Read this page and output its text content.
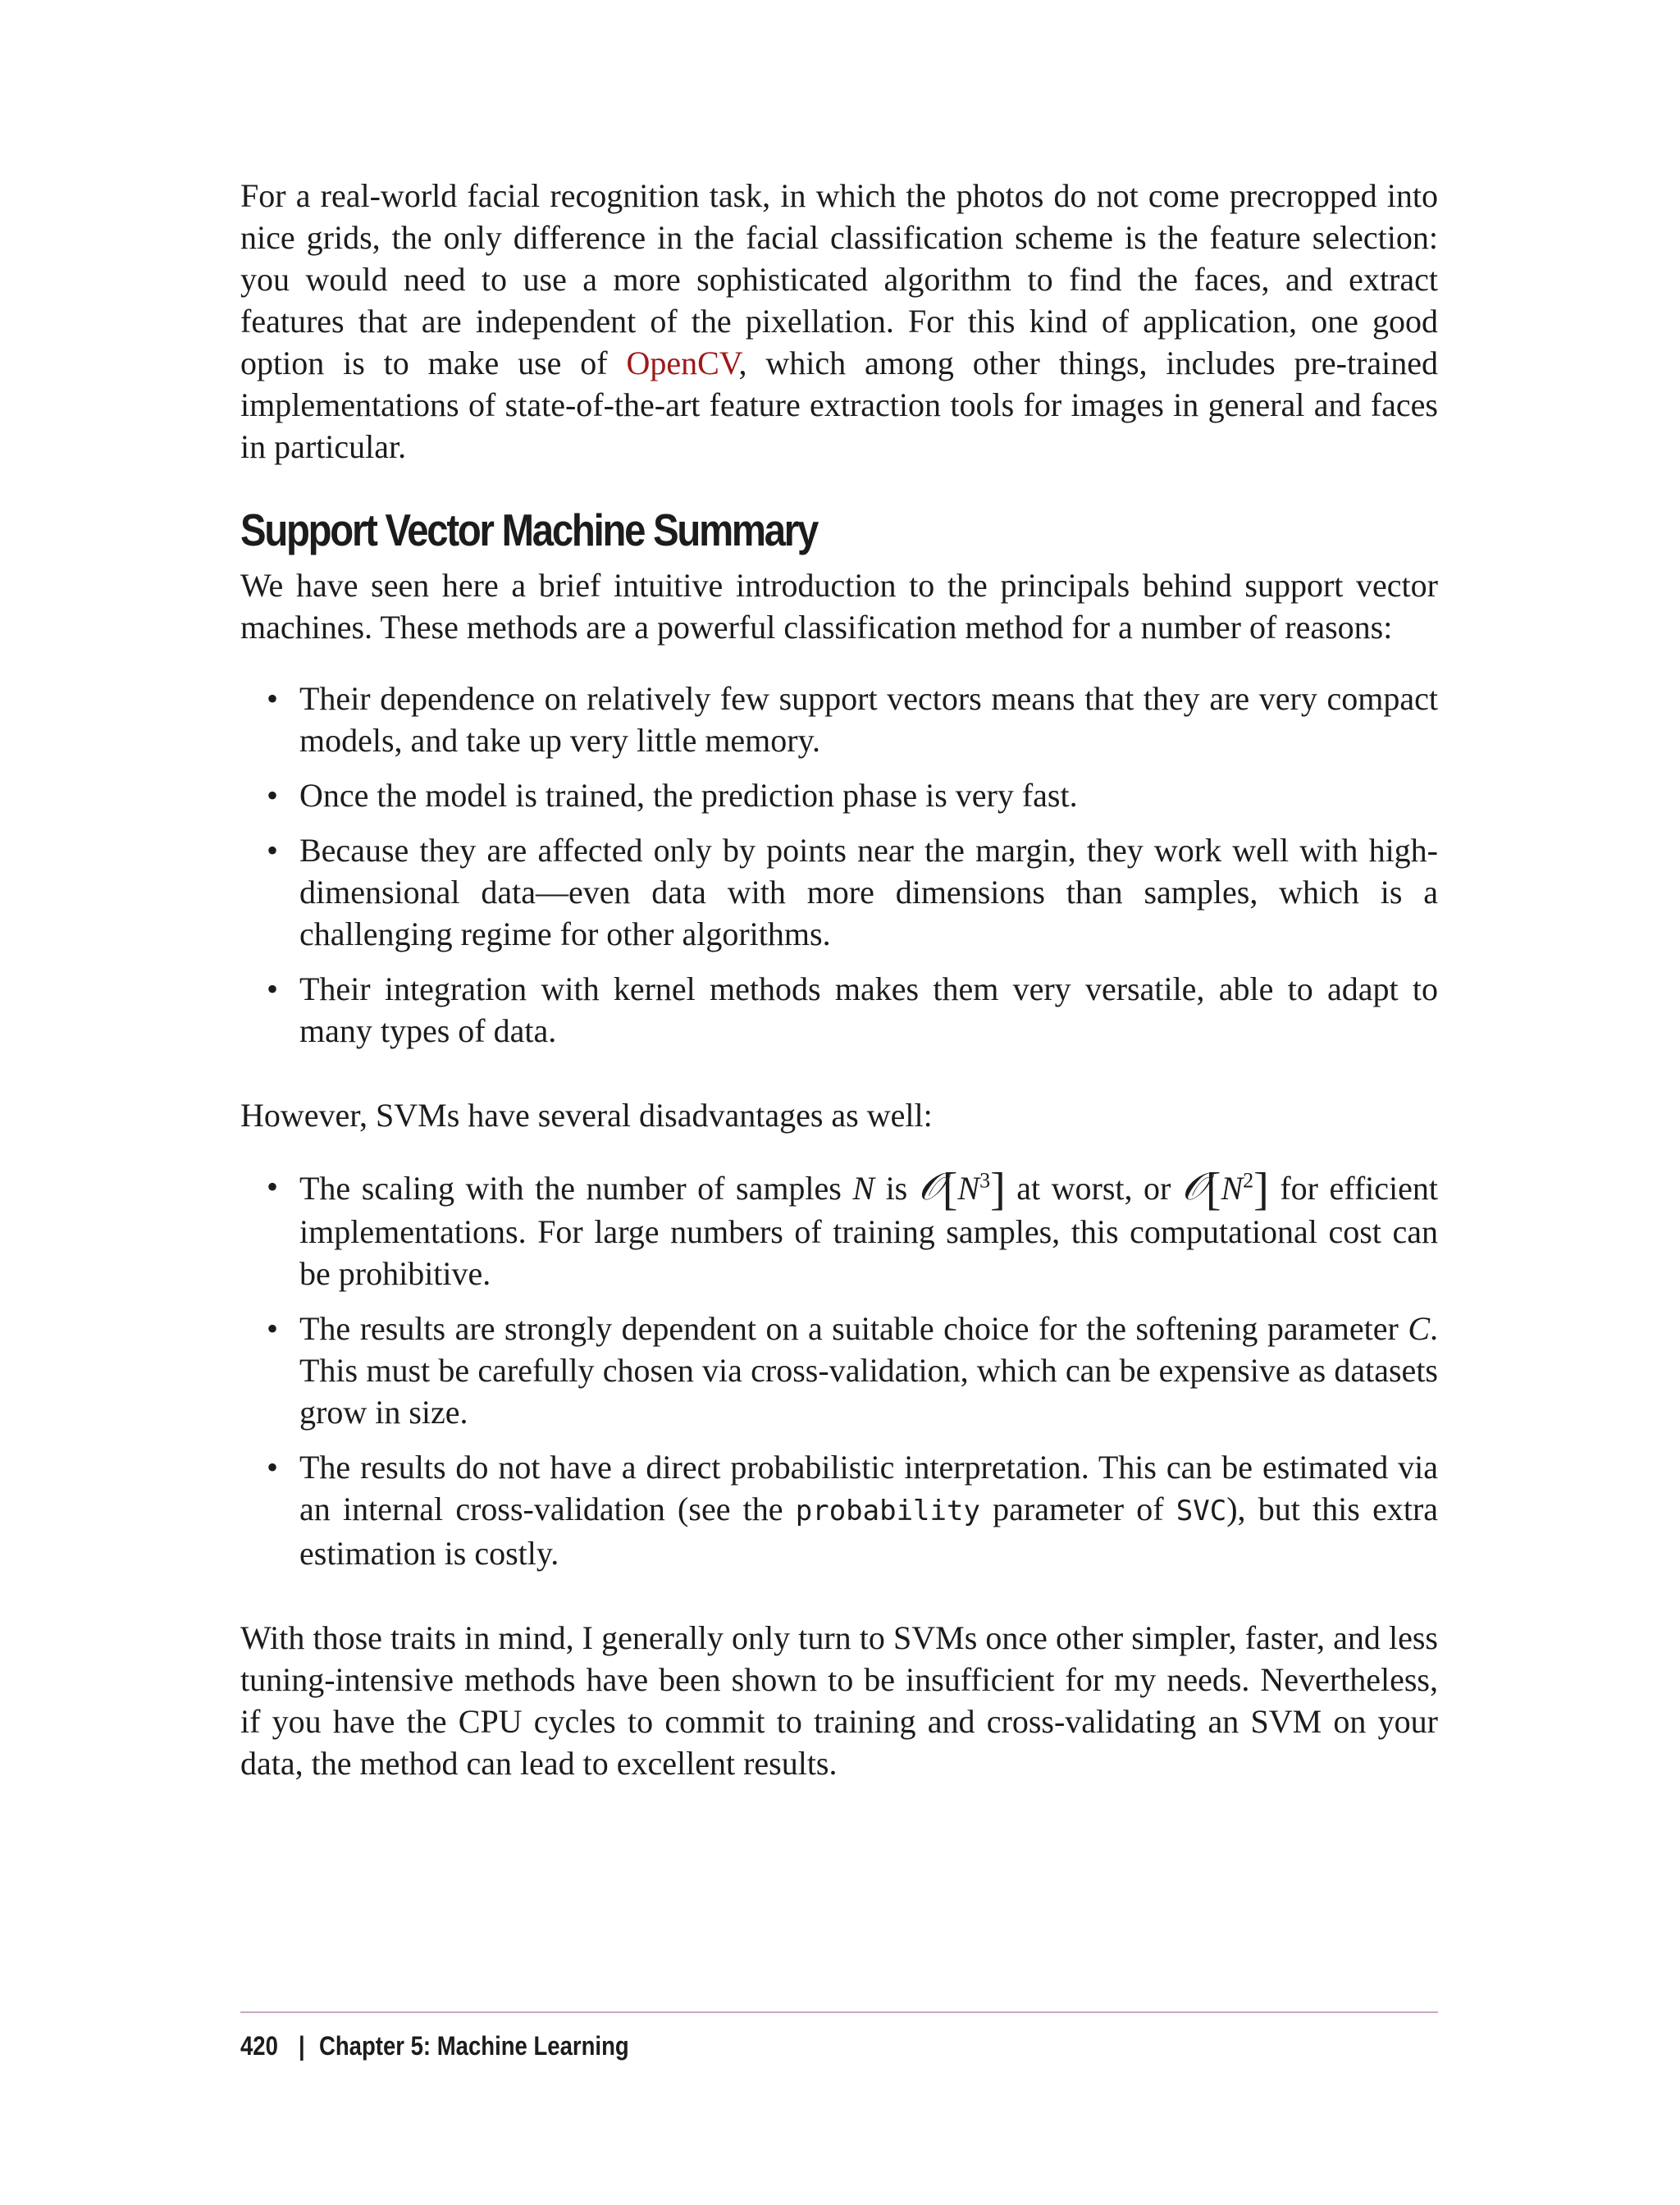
For a real-world facial recognition task, in which the photos do not come precropped into nice grids, the only difference in the facial classification scheme is the feature selection: you would need to use a more sophisticated algorithm to find the faces, and extract features that are independent of the pixellation. For this kind of application, one good option is to make use of OpenCV, which among other things, includes pre-trained implementations of state-of-the-art feature extraction tools for images in general and faces in particular.

Support Vector Machine Summary

We have seen here a brief intuitive introduction to the principals behind support vector machines. These methods are a powerful classification method for a number of reasons:

• Their dependence on relatively few support vectors means that they are very compact models, and take up very little memory.
• Once the model is trained, the prediction phase is very fast.
• Because they are affected only by points near the margin, they work well with high-dimensional data—even data with more dimensions than samples, which is a challenging regime for other algorithms.
• Their integration with kernel methods makes them very versatile, able to adapt to many types of data.

However, SVMs have several disadvantages as well:

• The scaling with the number of samples N is $𝒪[N^3]$ at worst, or $𝒪[N^2]$ for efficient implementations. For large numbers of training samples, this computational cost can be prohibitive.
• The results are strongly dependent on a suitable choice for the softening parameter C. This must be carefully chosen via cross-validation, which can be expensive as datasets grow in size.
• The results do not have a direct probabilistic interpretation. This can be estimated via an internal cross-validation (see the probability parameter of SVC), but this extra estimation is costly.

With those traits in mind, I generally only turn to SVMs once other simpler, faster, and less tuning-intensive methods have been shown to be insufficient for my needs. Nevertheless, if you have the CPU cycles to commit to training and cross-validating an SVM on your data, the method can lead to excellent results.

420 | Chapter 5: Machine Learning
